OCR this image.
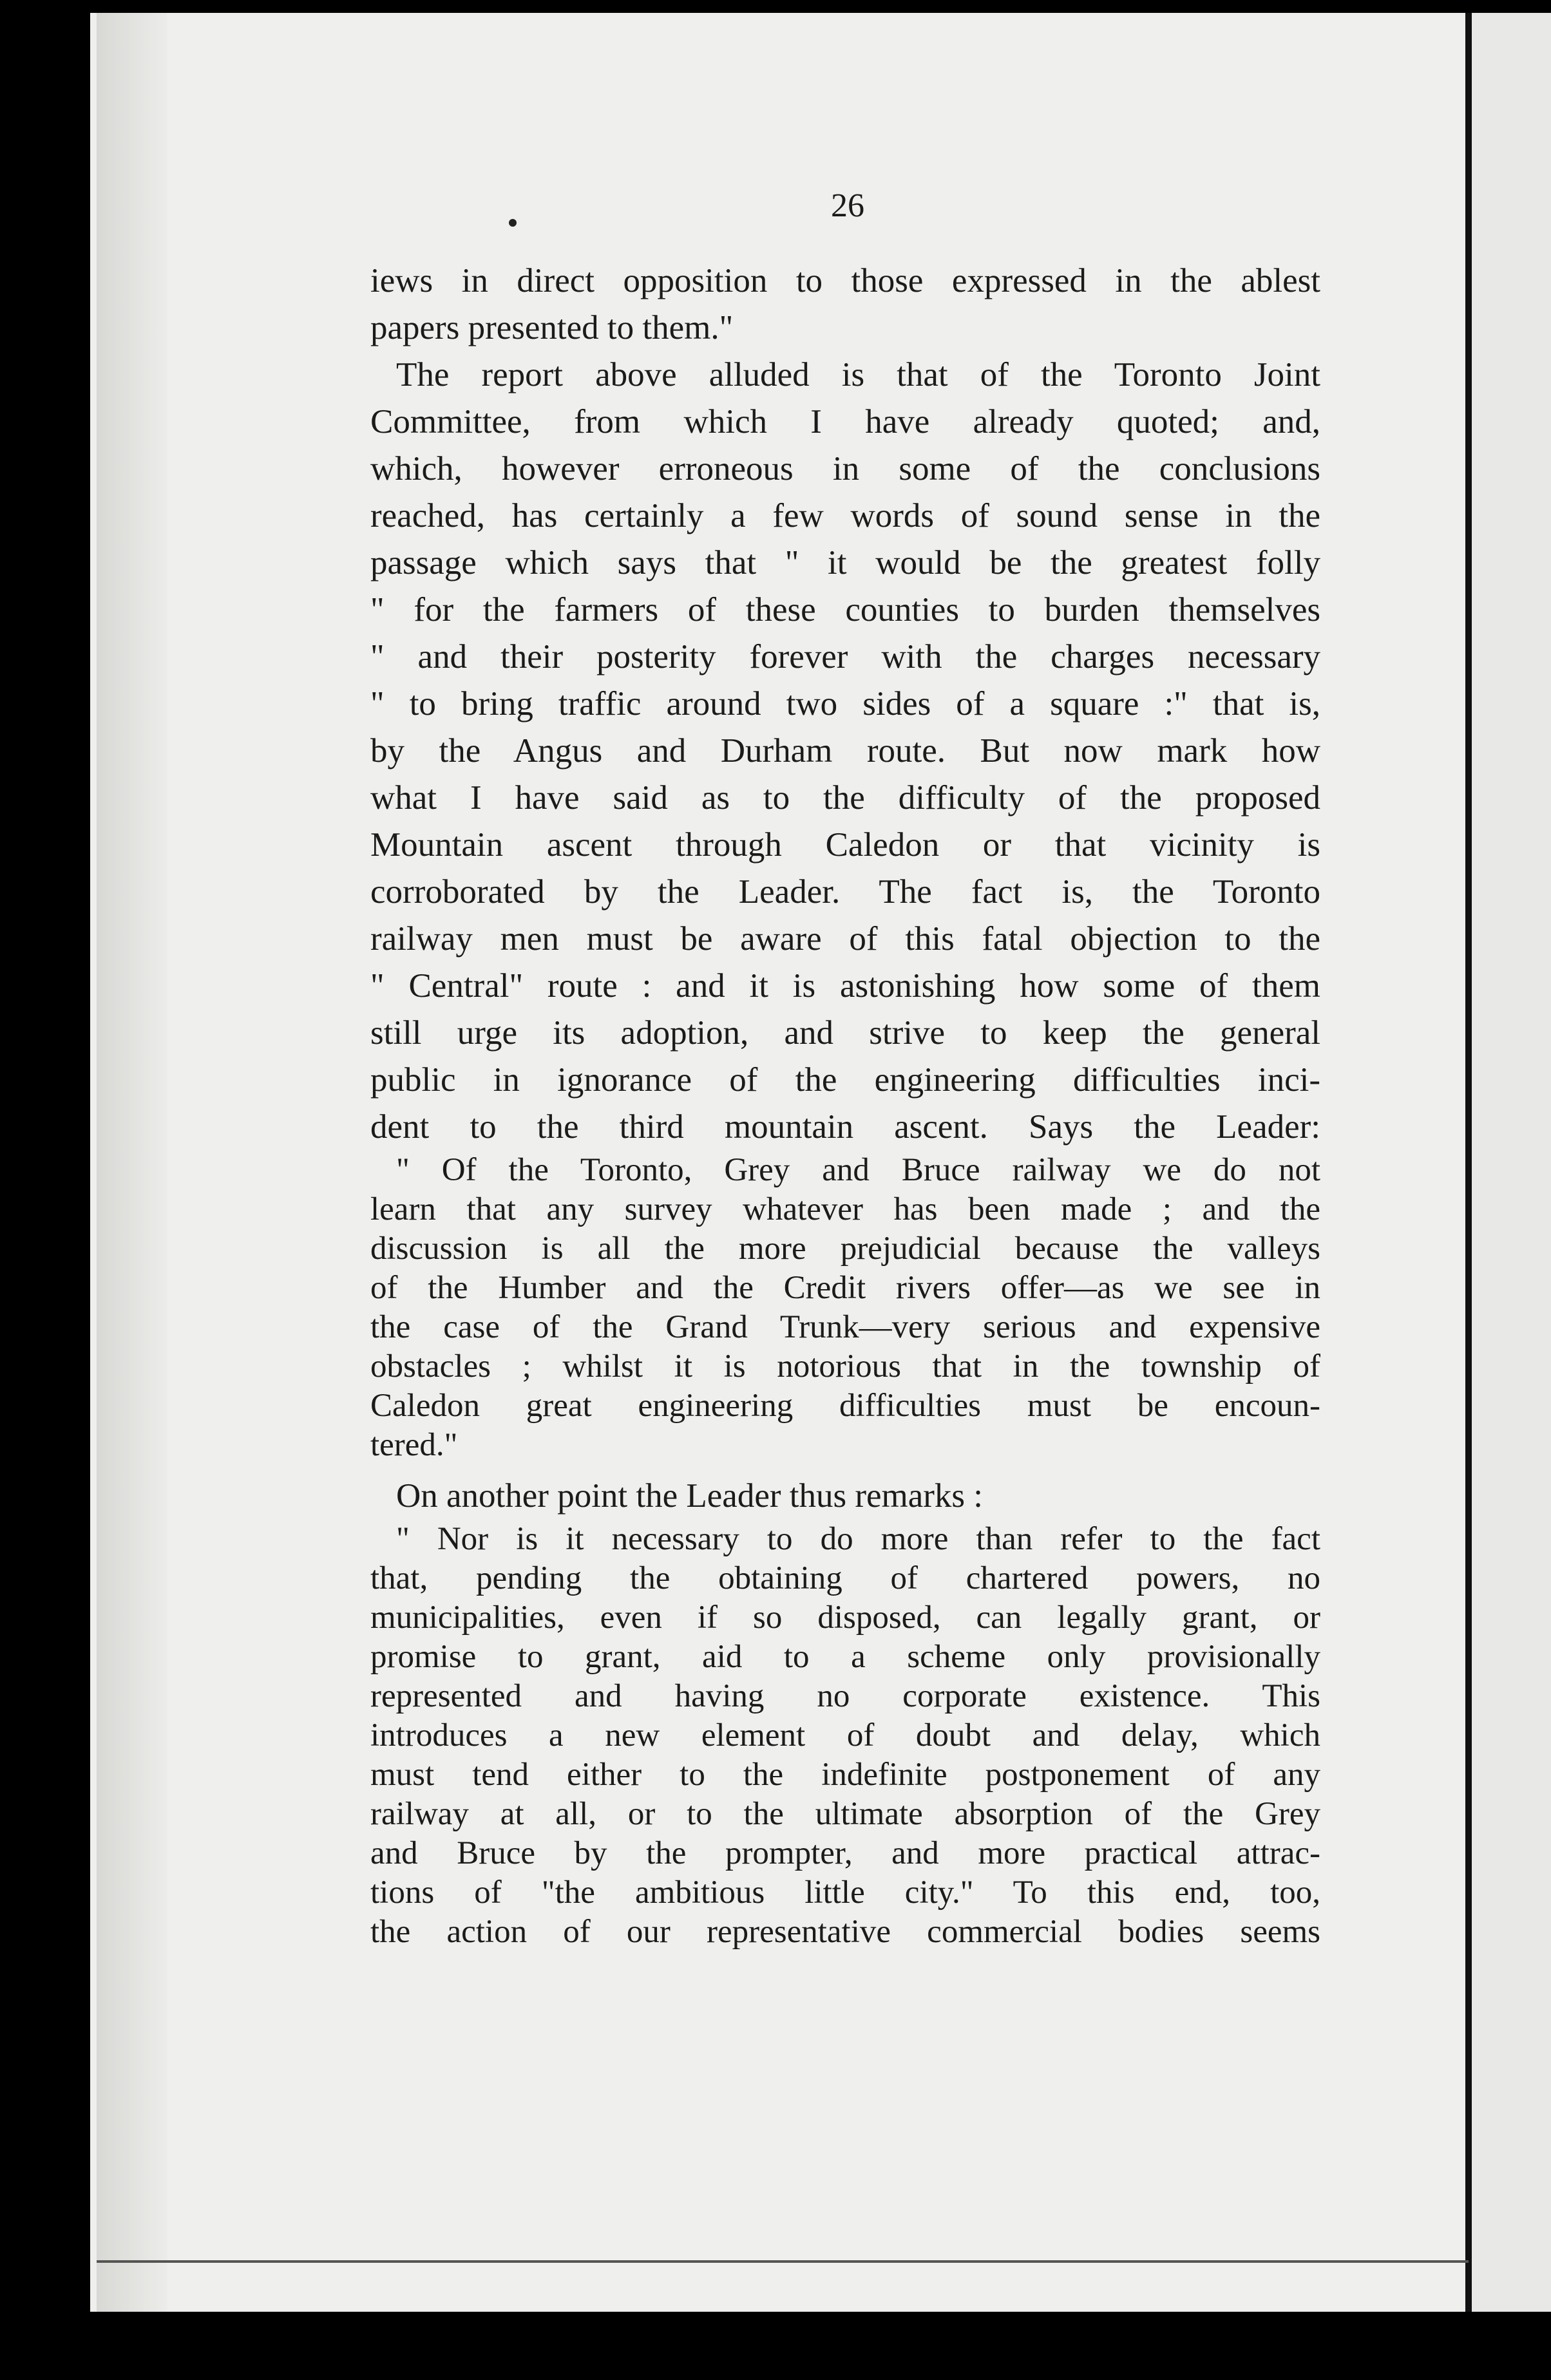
26
iews in direct opposition to those expressed in the ablest
papers presented to them."
The report above alluded is that of the Toronto Joint
Committee, from which I have already quoted; and,
which, however erroneous in some of the conclusions
reached, has certainly a few words of sound sense in the
passage which says that " it would be the greatest folly
" for the farmers of these counties to burden themselves
" and their posterity forever with the charges necessary
" to bring traffic around two sides of a square :" that is,
by the Angus and Durham route. But now mark how
what I have said as to the difficulty of the proposed
Mountain ascent through Caledon or that vicinity is
corroborated by the Leader. The fact is, the Toronto
railway men must be aware of this fatal objection to the
" Central" route : and it is astonishing how some of them
still urge its adoption, and strive to keep the general
public in ignorance of the engineering difficulties inci-
dent to the third mountain ascent. Says the Leader:
" Of the Toronto, Grey and Bruce railway we do not
learn that any survey whatever has been made ; and the
discussion is all the more prejudicial because the valleys
of the Humber and the Credit rivers offer—as we see in
the case of the Grand Trunk—very serious and expensive
obstacles ; whilst it is notorious that in the township of
Caledon great engineering difficulties must be encoun-
tered."
On another point the Leader thus remarks :
" Nor is it necessary to do more than refer to the fact
that, pending the obtaining of chartered powers, no
municipalities, even if so disposed, can legally grant, or
promise to grant, aid to a scheme only provisionally
represented and having no corporate existence. This
introduces a new element of doubt and delay, which
must tend either to the indefinite postponement of any
railway at all, or to the ultimate absorption of the Grey
and Bruce by the prompter, and more practical attrac-
tions of "the ambitious little city." To this end, too,
the action of our representative commercial bodies seems
